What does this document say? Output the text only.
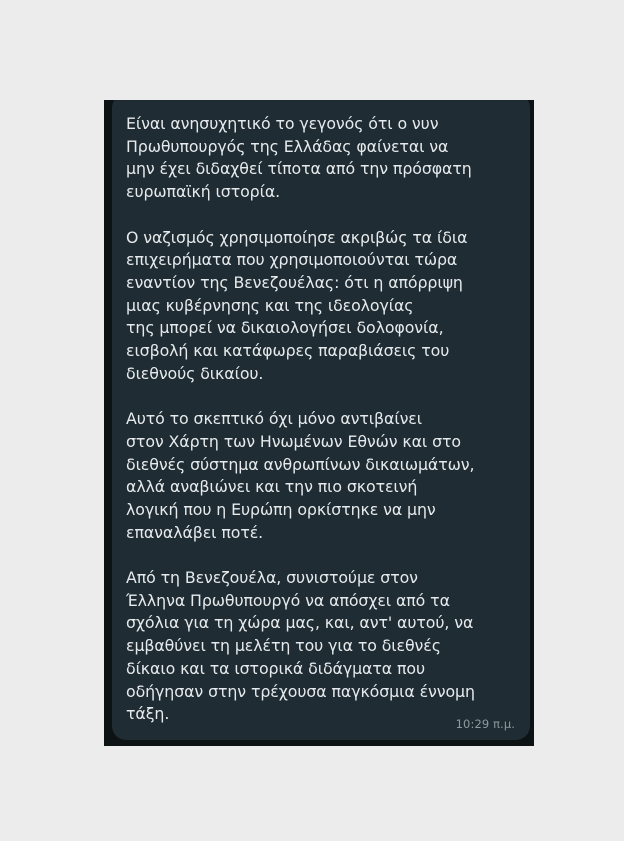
Είναι ανησυχητικό το γεγονός ότι ο νυν
Πρωθυπουργός της Ελλάδας φαίνεται να
μην έχει διδαχθεί τίποτα από την πρόσφατη
ευρωπαϊκή ιστορία.

Ο ναζισμός χρησιμοποίησε ακριβώς τα ίδια
επιχειρήματα που χρησιμοποιούνται τώρα
εναντίον της Βενεζουέλας: ότι η απόρριψη
μιας κυβέρνησης και της ιδεολογίας
της μπορεί να δικαιολογήσει δολοφονία,
εισβολή και κατάφωρες παραβιάσεις του
διεθνούς δικαίου.

Αυτό το σκεπτικό όχι μόνο αντιβαίνει
στον Χάρτη των Ηνωμένων Εθνών και στο
διεθνές σύστημα ανθρωπίνων δικαιωμάτων,
αλλά αναβιώνει και την πιο σκοτεινή
λογική που η Ευρώπη ορκίστηκε να μην
επαναλάβει ποτέ.

Από τη Βενεζουέλα, συνιστούμε στον
Έλληνα Πρωθυπουργό να απόσχει από τα
σχόλια για τη χώρα μας, και, αντ' αυτού, να
εμβαθύνει τη μελέτη του για το διεθνές
δίκαιο και τα ιστορικά διδάγματα που
οδήγησαν στην τρέχουσα παγκόσμια έννομη
τάξη.

10:29 π.μ.
